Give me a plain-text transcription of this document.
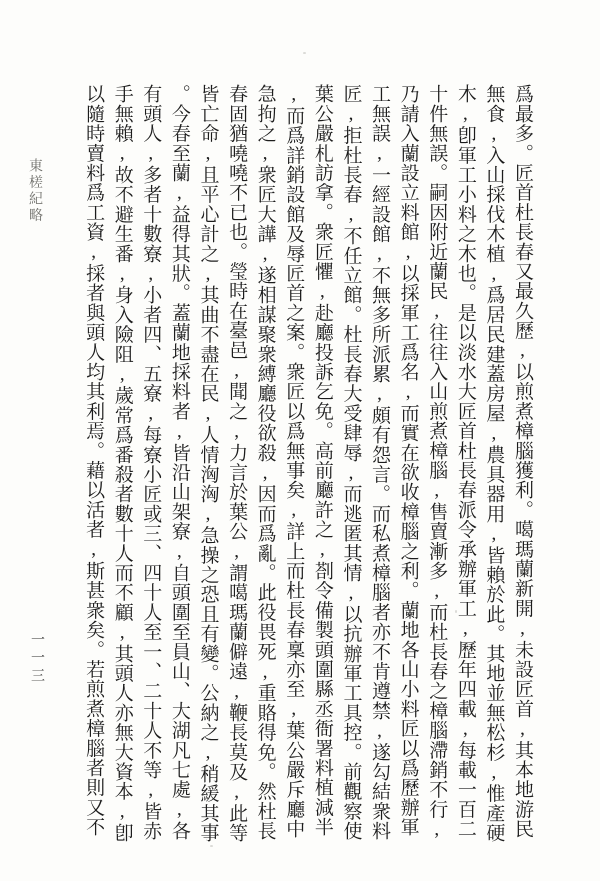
東槎紀略
一一三	爲最多。匠首杜長春又最久歷,以煎煮樟腦獲利。噶瑪蘭新開,未設匠首,其本地游民

無食,入山採伐木植,爲居民建蓋房屋,農具器用,皆賴於此。其地並無松杉,惟產硬

木,卽軍工小料之木也。是以淡水大匠首杜長春派令承辦軍工,歷年四載,每載一百二

十件無誤。嗣因附近蘭民,往往入山煎煮樟腦,售賣漸多,而杜長春之樟腦滯銷不行,

乃請入蘭設立料館,以採軍工爲名,而實在欲收樟腦之利。蘭地各山小料匠以爲歷辦軍

工無誤,一經設館,不無多所派累,頗有怨言。而私煮樟腦者亦不肯遵禁,遂勾結衆料

匠,拒杜長春,不任立館。杜長春大受肆辱,而逃匿其情,以抗辦軍工具控。前觀察使

葉公嚴札訪拿。衆匠懼,赴廳投訴乞免。高前廳許之,剳令備製頭圍縣丞衙署料植減半

,而爲詳銷設館及辱匠首之案。衆匠以爲無事矣,詳上而杜長春稟亦至,葉公嚴斥廳中

急拘之,衆匠大譁,遂相謀聚衆縛廳役欲殺,因而爲亂。此役畏死,重賂得免。然杜長

春固猶嘵嘵不已也。瑩時在臺邑,聞之,力言於葉公,謂噶瑪蘭僻遠,鞭長莫及,此等

皆亡命,且平心計之,其曲不盡在民,人情洶洶,急操之恐且有變。公納之,稍緩其事

。今春至蘭,益得其狀。蓋蘭地採料者,皆沿山架寮,自頭圍至員山、大湖凡七處,各

有頭人,多者十數寮,小者四、五寮,每寮小匠或三、四十人至一、二十人不等,皆赤

手無賴,故不避生番,身入險阻,歲常爲番殺者數十人而不顧,其頭人亦無大資本,卽

以隨時賣料爲工資,採者與頭人均其利焉。藉以活者,斯甚衆矣。若煎煮樟腦者則又不
